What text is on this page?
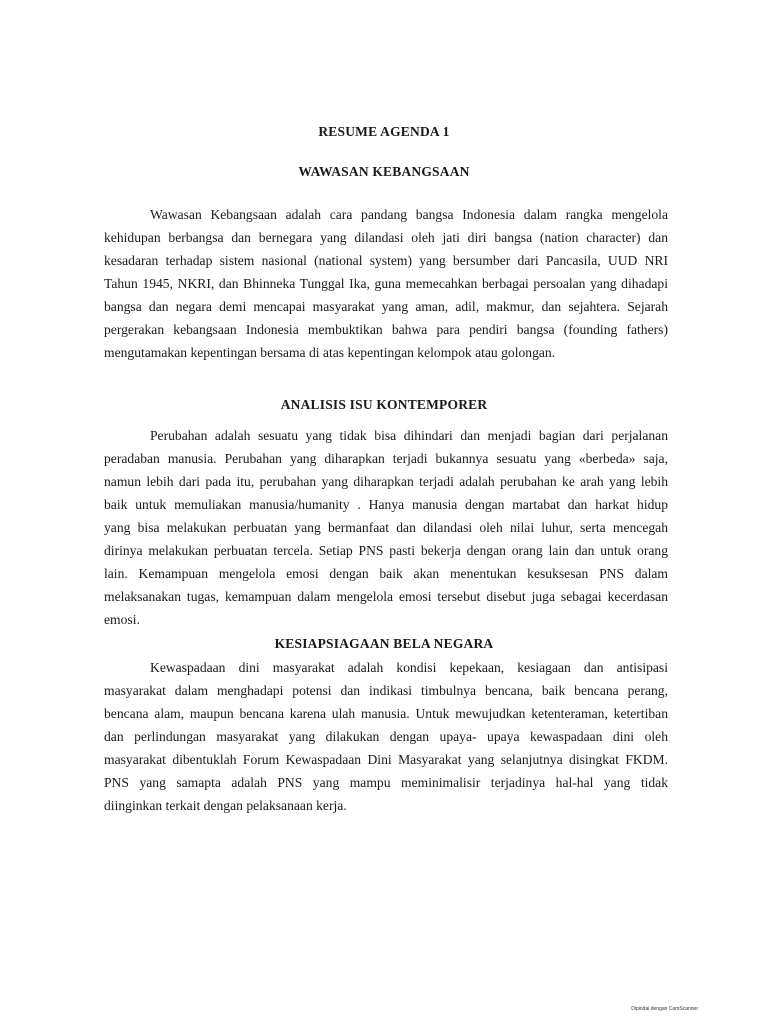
RESUME AGENDA 1
WAWASAN KEBANGSAAN
Wawasan Kebangsaan adalah cara pandang bangsa Indonesia dalam rangka mengelola
kehidupan berbangsa dan bernegara yang dilandasi oleh jati diri bangsa (nation character) dan
kesadaran terhadap sistem nasional (national system) yang bersumber dari Pancasila, UUD NRI
Tahun 1945, NKRI, dan Bhinneka Tunggal Ika, guna memecahkan berbagai persoalan yang dihadapi
bangsa dan negara demi mencapai masyarakat yang aman, adil, makmur, dan sejahtera. Sejarah
pergerakan kebangsaan Indonesia membuktikan bahwa para pendiri bangsa (founding fathers)
mengutamakan kepentingan bersama di atas kepentingan kelompok atau golongan.
ANALISIS ISU KONTEMPORER
Perubahan adalah sesuatu yang tidak bisa dihindari dan menjadi bagian dari perjalanan
peradaban manusia. Perubahan yang diharapkan terjadi bukannya sesuatu yang «berbeda» saja,
namun lebih dari pada itu, perubahan yang diharapkan terjadi adalah perubahan ke arah yang lebih
baik untuk memuliakan manusia/humanity . Hanya manusia dengan martabat dan harkat hidup
yang bisa melakukan perbuatan yang bermanfaat dan dilandasi oleh nilai luhur, serta mencegah
dirinya melakukan perbuatan tercela. Setiap PNS pasti bekerja dengan orang lain dan untuk orang
lain. Kemampuan mengelola emosi dengan baik akan menentukan kesuksesan PNS dalam
melaksanakan tugas, kemampuan dalam mengelola emosi tersebut disebut juga sebagai kecerdasan
emosi.
KESIAPSIAGAAN BELA NEGARA
Kewaspadaan dini masyarakat adalah kondisi kepekaan, kesiagaan dan antisipasi
masyarakat dalam menghadapi potensi dan indikasi timbulnya bencana, baik bencana perang,
bencana alam, maupun bencana karena ulah manusia. Untuk mewujudkan ketenteraman, ketertiban
dan perlindungan masyarakat yang dilakukan dengan upaya- upaya kewaspadaan dini oleh
masyarakat dibentuklah Forum Kewaspadaan Dini Masyarakat yang selanjutnya disingkat FKDM.
PNS yang samapta adalah PNS yang mampu meminimalisir terjadinya hal-hal yang tidak
diinginkan terkait dengan pelaksanaan kerja.
Dipindai dengan CamScanner
